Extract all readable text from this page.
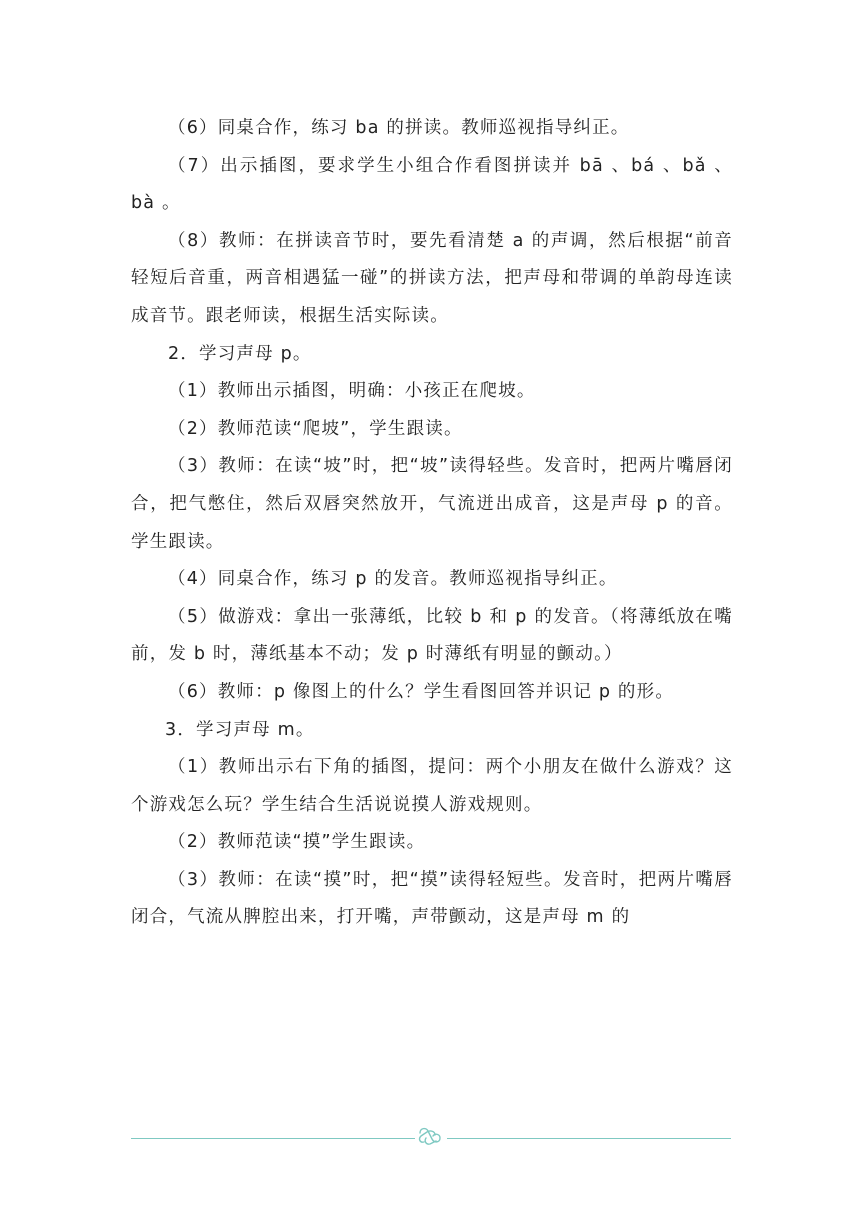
（6）同桌合作，练习 ba 的拼读。教师巡视指导纠正。

（7）出示插图，要求学生小组合作看图拼读并 bā 、bá 、bǎ 、bà 。

（8）教师：在拼读音节时，要先看清楚 a 的声调，然后根据“前音轻短后音重，两音相遇猛一碰”的拼读方法，把声母和带调的单韵母连读成音节。跟老师读，根据生活实际读。

2．学习声母 p。

（1）教师出示插图，明确：小孩正在爬坡。

（2）教师范读“爬坡”，学生跟读。

（3）教师：在读“坡”时，把“坡”读得轻些。发音时，把两片嘴唇闭合，把气憋住，然后双唇突然放开，气流迸出成音，这是声母 p 的音。学生跟读。

（4）同桌合作，练习 p 的发音。教师巡视指导纠正。

（5）做游戏：拿出一张薄纸，比较 b 和 p 的发音。（将薄纸放在嘴前，发 b 时，薄纸基本不动；发 p 时薄纸有明显的颤动。）

（6）教师：p 像图上的什么？学生看图回答并识记 p 的形。

3．学习声母 m。

（1）教师出示右下角的插图，提问：两个小朋友在做什么游戏？这个游戏怎么玩？学生结合生活说说摸人游戏规则。

（2）教师范读“摸”学生跟读。

（3）教师：在读“摸”时，把“摸”读得轻短些。发音时，把两片嘴唇闭合，气流从脾腔出来，打开嘴，声带颤动，这是声母 m 的
